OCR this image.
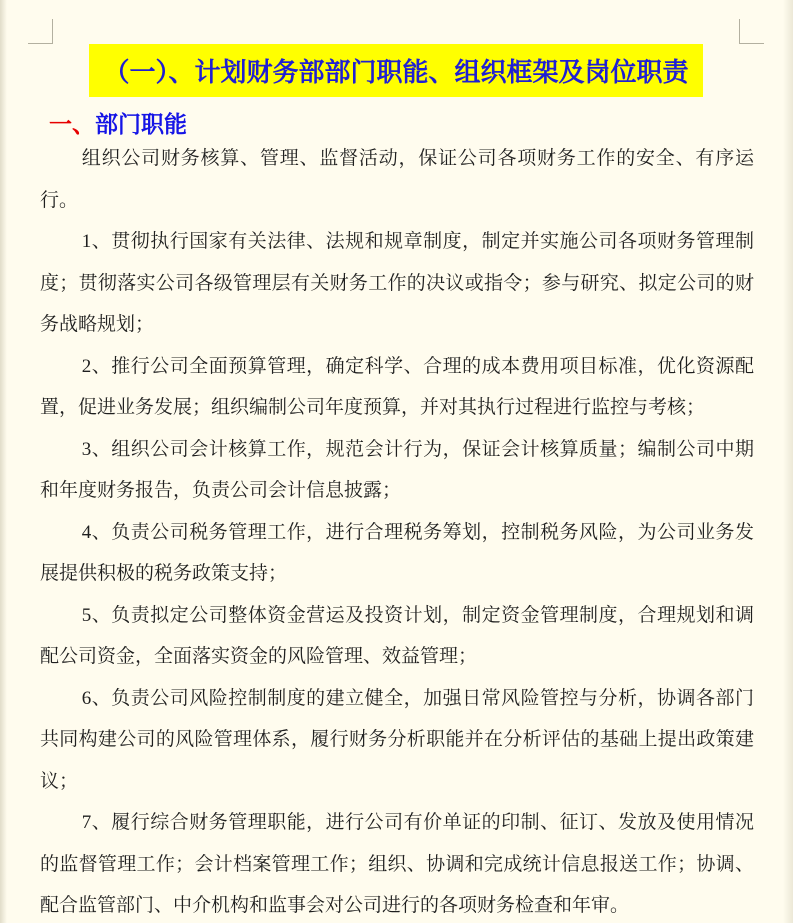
（一）、计划财务部部门职能、组织框架及岗位职责
一、部门职能

组织公司财务核算、管理、监督活动，保证公司各项财务工作的安全、有序运行。

1、贯彻执行国家有关法律、法规和规章制度，制定并实施公司各项财务管理制度；贯彻落实公司各级管理层有关财务工作的决议或指令；参与研究、拟定公司的财务战略规划；

2、推行公司全面预算管理，确定科学、合理的成本费用项目标准，优化资源配置，促进业务发展；组织编制公司年度预算，并对其执行过程进行监控与考核；

3、组织公司会计核算工作，规范会计行为，保证会计核算质量；编制公司中期和年度财务报告，负责公司会计信息披露；

4、负责公司税务管理工作，进行合理税务筹划，控制税务风险，为公司业务发展提供积极的税务政策支持；

5、负责拟定公司整体资金营运及投资计划，制定资金管理制度，合理规划和调配公司资金，全面落实资金的风险管理、效益管理；

6、负责公司风险控制制度的建立健全，加强日常风险管控与分析，协调各部门共同构建公司的风险管理体系，履行财务分析职能并在分析评估的基础上提出政策建议；

7、履行综合财务管理职能，进行公司有价单证的印制、征订、发放及使用情况的监督管理工作；会计档案管理工作；组织、协调和完成统计信息报送工作；协调、配合监管部门、中介机构和监事会对公司进行的各项财务检查和年审。
